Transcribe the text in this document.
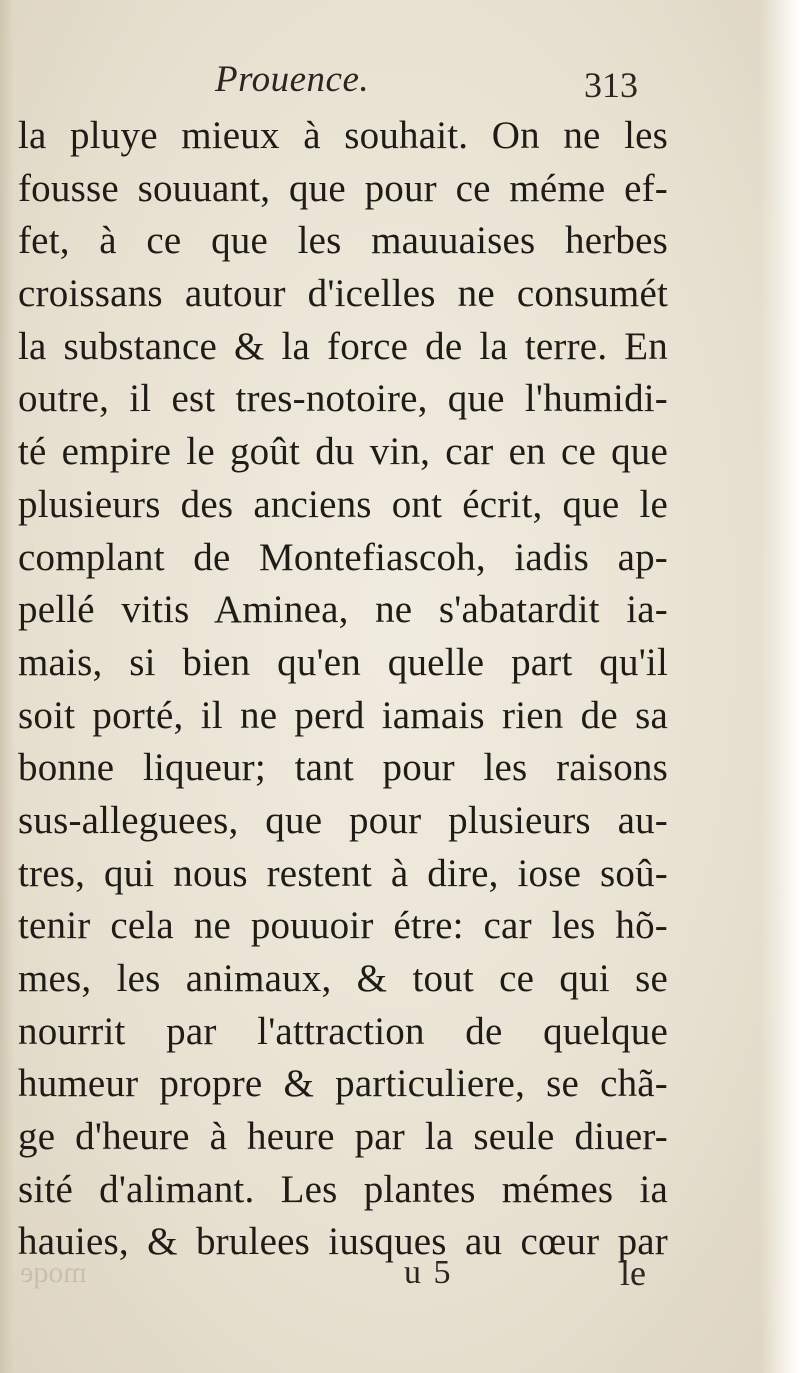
Prouence.	313
la pluye mieux à souhait. On ne les
fousse souuant, que pour ce méme ef-
fet, à ce que les mauuaises herbes
croissans autour d'icelles ne consumét
la substance & la force de la terre. En
outre, il est tres-notoire, que l'humidi-
té empire le goût du vin, car en ce que
plusieurs des anciens ont écrit, que le
complant de Montefiascoh, iadis ap-
pellé vitis Aminea, ne s'abatardit ia-
mais, si bien qu'en quelle part qu'il
soit porté, il ne perd iamais rien de sa
bonne liqueur; tant pour les raisons
sus-alleguees, que pour plusieurs au-
tres, qui nous restent à dire, iose soû-
tenir cela ne pouuoir étre: car les hõ-
mes, les animaux, & tout ce qui se
nourrit par l'attraction de quelque
humeur propre & particuliere, se chã-
ge d'heure à heure par la seule diuer-
sité d'alimant. Les plantes mémes ia
hauies, & brulees iusques au cœur par
moqe	u 5	le
